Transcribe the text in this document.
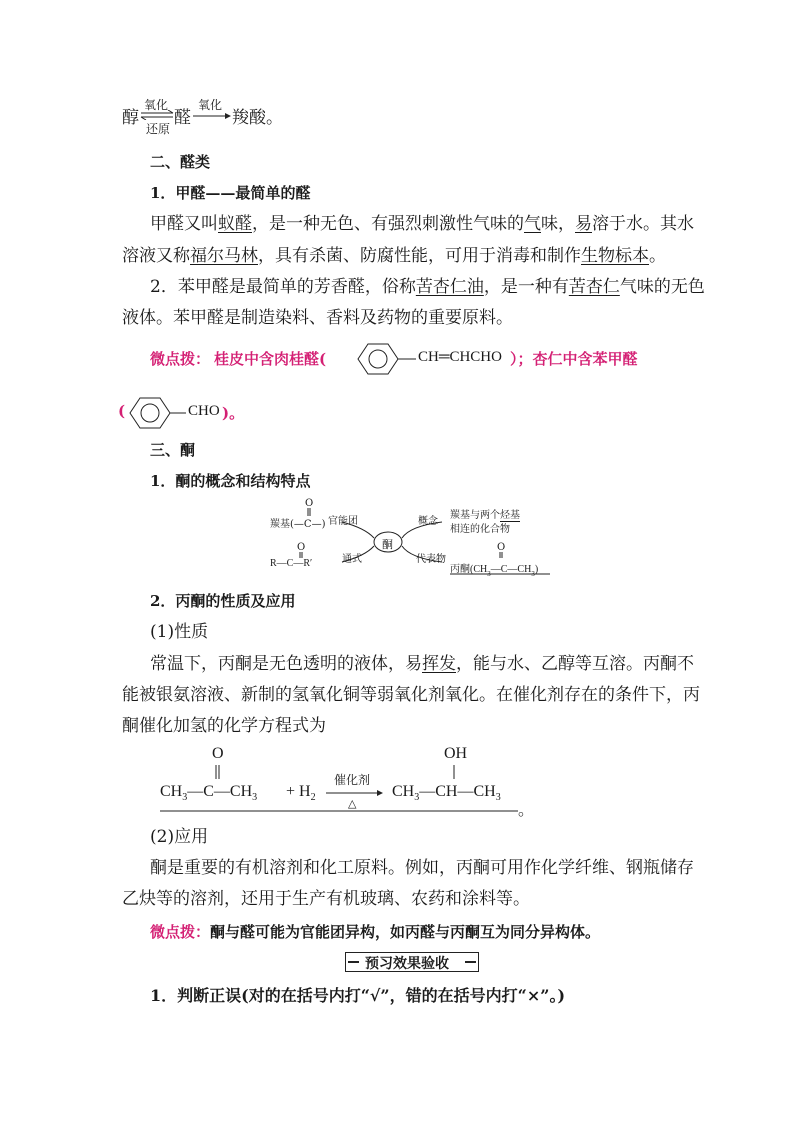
醇
氧化
还原
醛
氧化
羧酸。
二、醛类
1．甲醛——最简单的醛
甲醛又叫蚁醛，是一种无色、有强烈刺激性气味的气味，易溶于水。其水
溶液又称福尔马林，具有杀菌、防腐性能，可用于消毒和制作生物标本。
2．苯甲醛是最简单的芳香醛，俗称苦杏仁油，是一种有苦杏仁气味的无色
液体。苯甲醛是制造染料、香料及药物的重要原料。
微点拨： 桂皮中含肉桂醛(	CH═CHCHO ）；杏仁中含苯甲醛
(	CHO )。
三、酮
1．酮的概念和结构特点
O
羰基(—C—) 官能团
酮
概念
羰基与两个烃基
相连的化合物
O
R—C—R′	通式	代表物
O
丙酮$(CH_3—C—CH_3)$
2．丙酮的性质及应用
(1)性质
常温下，丙酮是无色透明的液体，易挥发，能与水、乙醇等互溶。丙酮不
能被银氨溶液、新制的氢氧化铜等弱氧化剂氧化。在催化剂存在的条件下，丙
酮催化加氢的化学方程式为
O
$CH_3—C—CH_3 + H_2$
催化剂
△
OH
$CH_3—CH—CH_3$
。
(2)应用
酮是重要的有机溶剂和化工原料。例如，丙酮可用作化学纤维、钢瓶储存
乙炔等的溶剂，还用于生产有机玻璃、农药和涂料等。
微点拨：酮与醛可能为官能团异构，如丙醛与丙酮互为同分异构体。
预习效果验收
1．判断正误(对的在括号内打“√”，错的在括号内打“×”。)
